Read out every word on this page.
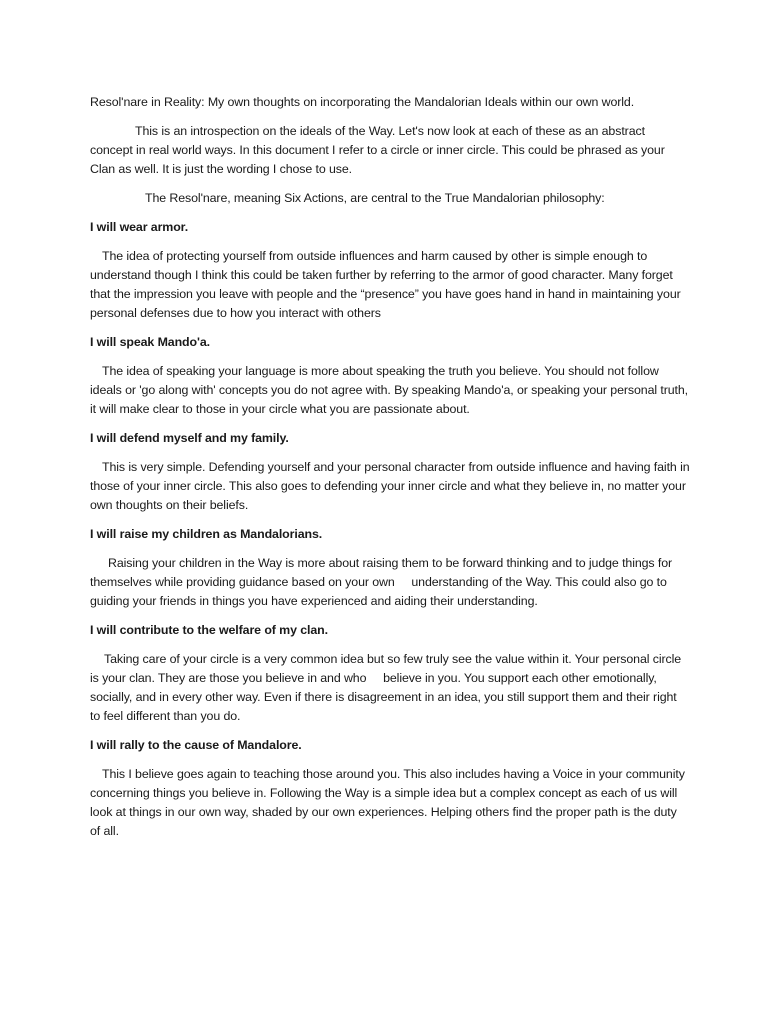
Resol'nare in Reality: My own thoughts on incorporating the Mandalorian Ideals within our own world.

This is an introspection on the ideals of the Way. Let's now look at each of these as an abstract concept in real world ways. In this document I refer to a circle or inner circle. This could be phrased as your Clan as well. It is just the wording I chose to use.

The Resol'nare, meaning Six Actions, are central to the True Mandalorian philosophy:

I will wear armor.

The idea of protecting yourself from outside influences and harm caused by other is simple enough to understand though I think this could be taken further by referring to the armor of good character. Many forget that the impression you leave with people and the “presence” you have goes hand in hand in maintaining your personal defenses due to how you interact with others

I will speak Mando'a.

The idea of speaking your language is more about speaking the truth you believe. You should not follow ideals or 'go along with' concepts you do not agree with. By speaking Mando'a, or speaking your personal truth, it will make clear to those in your circle what you are passionate about.

I will defend myself and my family.

This is very simple. Defending yourself and your personal character from outside influence and having faith in those of your inner circle. This also goes to defending your inner circle and what they believe in, no matter your own thoughts on their beliefs.

I will raise my children as Mandalorians.

Raising your children in the Way is more about raising them to be forward thinking and to judge things for themselves while providing guidance based on your own     understanding of the Way. This could also go to guiding your friends in things you have experienced and aiding their understanding.

I will contribute to the welfare of my clan.

Taking care of your circle is a very common idea but so few truly see the value within it. Your personal circle is your clan. They are those you believe in and who     believe in you. You support each other emotionally, socially, and in every other way. Even if there is disagreement in an idea, you still support them and their right to feel different than you do.

I will rally to the cause of Mandalore.

This I believe goes again to teaching those around you. This also includes having a Voice in your community concerning things you believe in. Following the Way is a simple idea but a complex concept as each of us will look at things in our own way, shaded by our own experiences. Helping others find the proper path is the duty of all.
